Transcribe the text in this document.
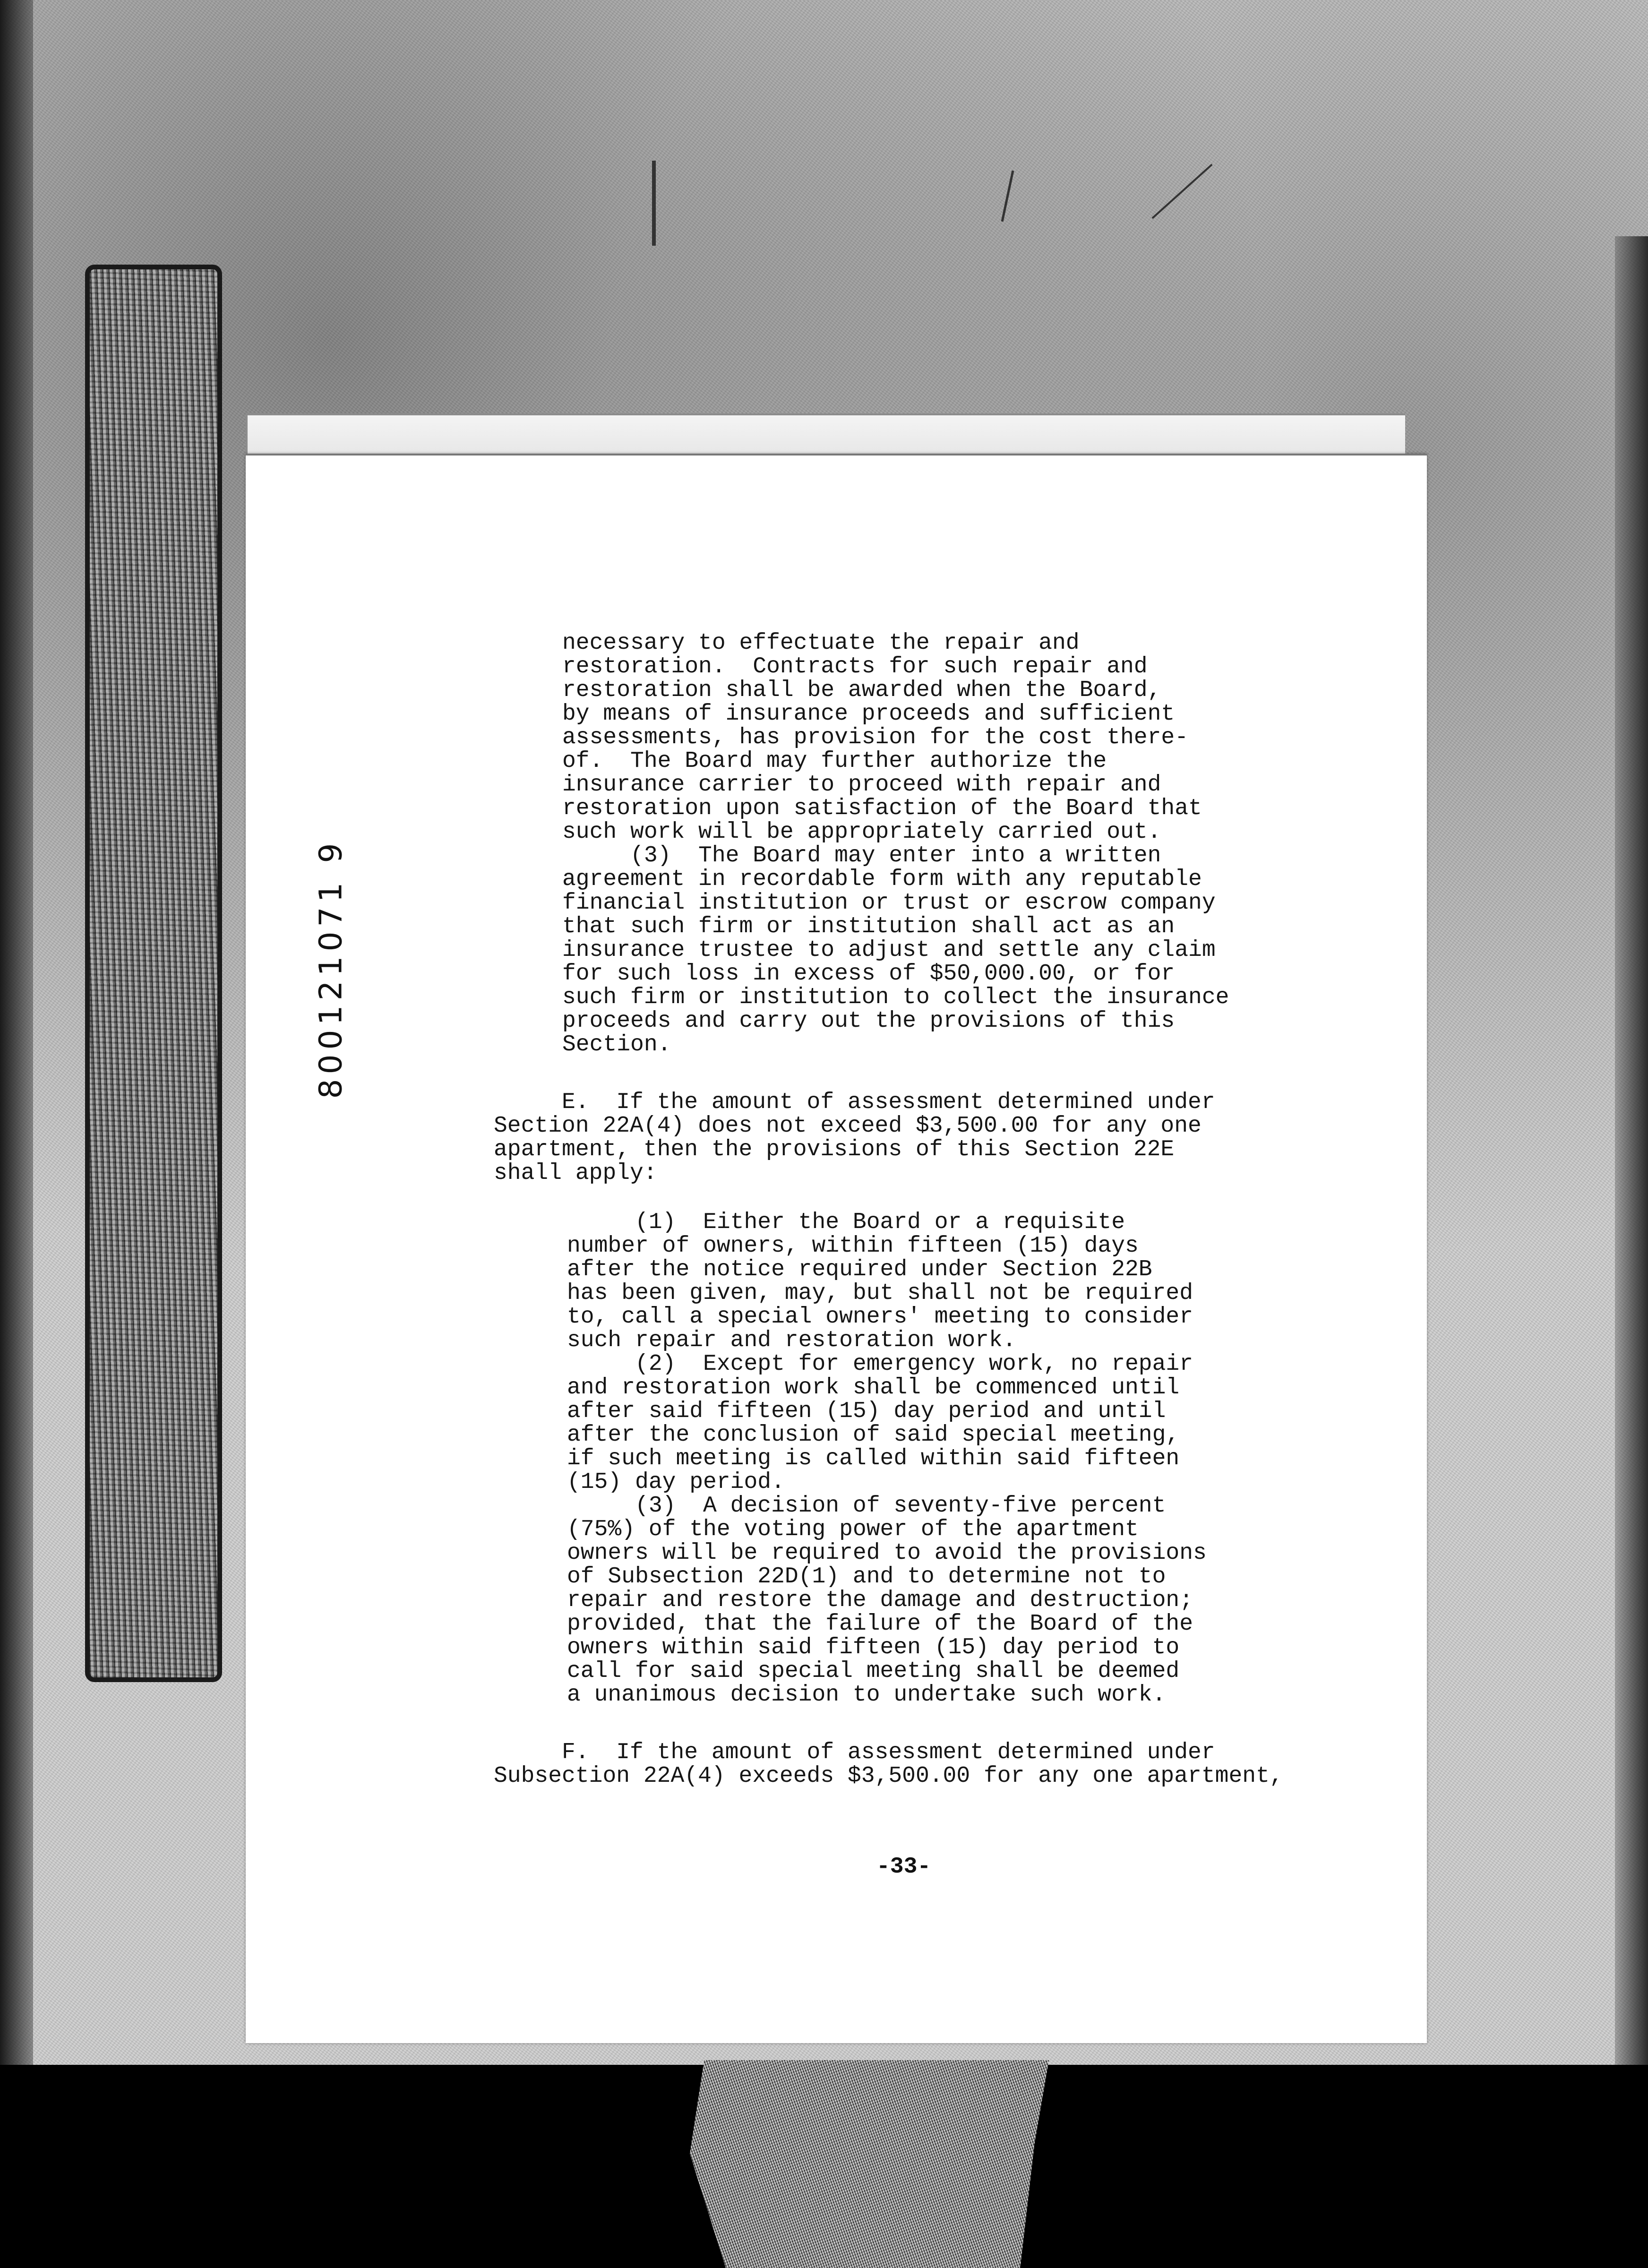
800121071 9
necessary to effectuate the repair and
restoration.  Contracts for such repair and
restoration shall be awarded when the Board,
by means of insurance proceeds and sufficient
assessments, has provision for the cost there-
of.  The Board may further authorize the
insurance carrier to proceed with repair and
restoration upon satisfaction of the Board that
such work will be appropriately carried out.
(3)  The Board may enter into a written
agreement in recordable form with any reputable
financial institution or trust or escrow company
that such firm or institution shall act as an
insurance trustee to adjust and settle any claim
for such loss in excess of $50,000.00, or for
such firm or institution to collect the insurance
proceeds and carry out the provisions of this
Section.
E.  If the amount of assessment determined under
Section 22A(4) does not exceed $3,500.00 for any one
apartment, then the provisions of this Section 22E
shall apply:
(1)  Either the Board or a requisite
number of owners, within fifteen (15) days
after the notice required under Section 22B
has been given, may, but shall not be required
to, call a special owners' meeting to consider
such repair and restoration work.
(2)  Except for emergency work, no repair
and restoration work shall be commenced until
after said fifteen (15) day period and until
after the conclusion of said special meeting,
if such meeting is called within said fifteen
(15) day period.
(3)  A decision of seventy-five percent
(75%) of the voting power of the apartment
owners will be required to avoid the provisions
of Subsection 22D(1) and to determine not to
repair and restore the damage and destruction;
provided, that the failure of the Board of the
owners within said fifteen (15) day period to
call for said special meeting shall be deemed
a unanimous decision to undertake such work.
F.  If the amount of assessment determined under
Subsection 22A(4) exceeds $3,500.00 for any one apartment,
-33-
